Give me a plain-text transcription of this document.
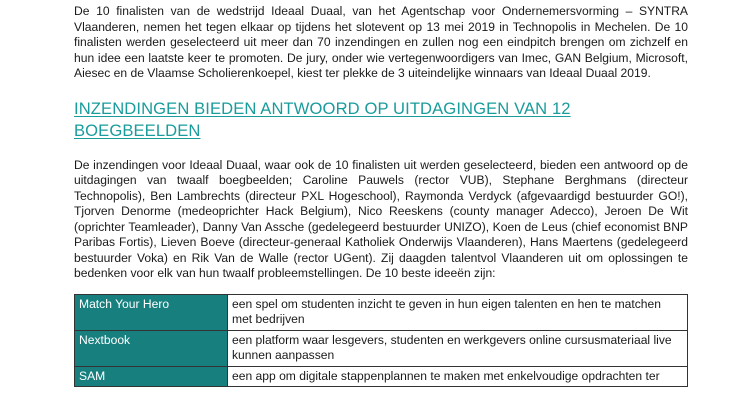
De 10 finalisten van de wedstrijd Ideaal Duaal, van het Agentschap voor Ondernemersvorming – SYNTRA Vlaanderen, nemen het tegen elkaar op tijdens het slotevent op 13 mei 2019 in Technopolis in Mechelen. De 10 finalisten werden geselecteerd uit meer dan 70 inzendingen en zullen nog een eindpitch brengen om zichzelf en hun idee een laatste keer te promoten. De jury, onder wie vertegenwoordigers van Imec, GAN Belgium, Microsoft, Aiesec en de Vlaamse Scholierenkoepel, kiest ter plekke de 3 uiteindelijke winnaars van Ideaal Duaal 2019.

INZENDINGEN BIEDEN ANTWOORD OP UITDAGINGEN VAN 12 BOEGBEELDEN

De inzendingen voor Ideaal Duaal, waar ook de 10 finalisten uit werden geselecteerd, bieden een antwoord op de uitdagingen van twaalf boegbeelden; Caroline Pauwels (rector VUB), Stephane Berghmans (directeur Technopolis), Ben Lambrechts (directeur PXL Hogeschool), Raymonda Verdyck (afgevaardigd bestuurder GO!), Tjorven Denorme (medeoprichter Hack Belgium), Nico Reeskens (county manager Adecco), Jeroen De Wit (oprichter Teamleader), Danny Van Assche (gedelegeerd bestuurder UNIZO), Koen de Leus (chief economist BNP Paribas Fortis), Lieven Boeve (directeur-generaal Katholiek Onderwijs Vlaanderen), Hans Maertens (gedelegeerd bestuurder Voka) en Rik Van de Walle (rector UGent). Zij daagden talentvol Vlaanderen uit om oplossingen te bedenken voor elk van hun twaalf probleemstellingen. De 10 beste ideeën zijn:

Match Your Hero	een spel om studenten inzicht te geven in hun eigen talenten en hen te matchen met bedrijven
Nextbook	een platform waar lesgevers, studenten en werkgevers online cursusmateriaal live kunnen aanpassen
SAM	een app om digitale stappenplannen te maken met enkelvoudige opdrachten ter
